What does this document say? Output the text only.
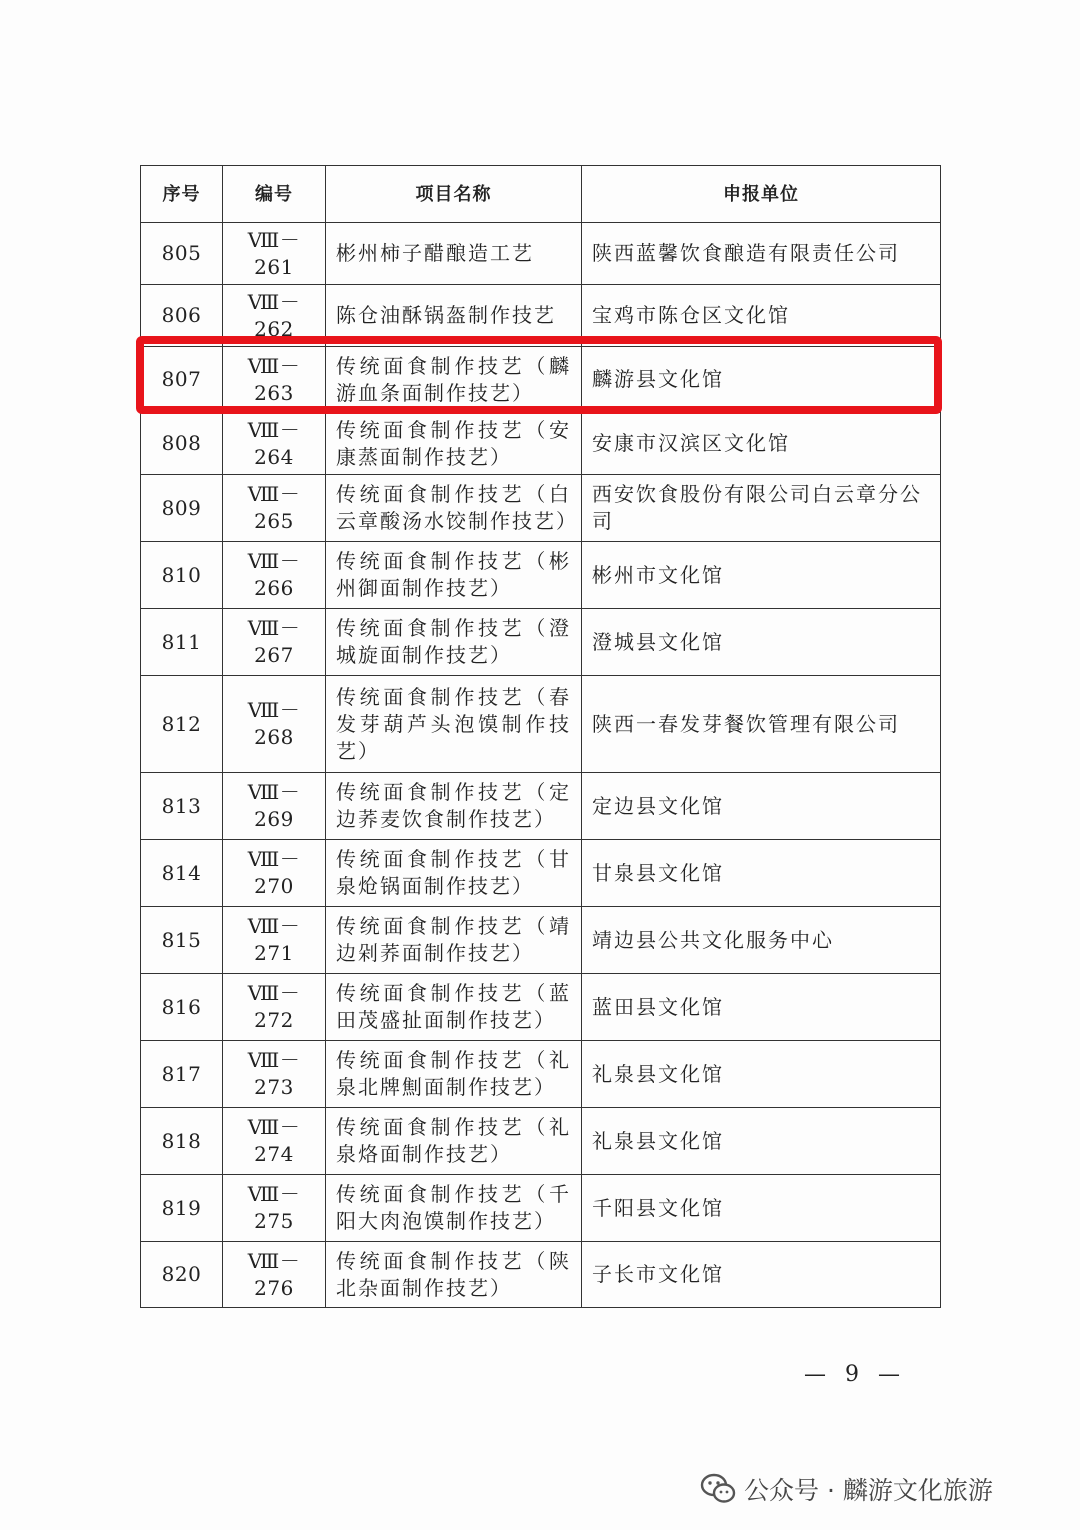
序号	编号	项目名称	申报单位
805	Ⅷ－261	彬州柿子醋酿造工艺	陕西蓝馨饮食酿造有限责任公司
806	Ⅷ－262	陈仓油酥锅盔制作技艺	宝鸡市陈仓区文化馆
807	Ⅷ－263	传统面食制作技艺（麟游血条面制作技艺）	麟游县文化馆
808	Ⅷ－264	传统面食制作技艺（安康蒸面制作技艺）	安康市汉滨区文化馆
809	Ⅷ－265	传统面食制作技艺（白云章酸汤水饺制作技艺）	西安饮食股份有限公司白云章分公司
810	Ⅷ－266	传统面食制作技艺（彬州御面制作技艺）	彬州市文化馆
811	Ⅷ－267	传统面食制作技艺（澄城旋面制作技艺）	澄城县文化馆
812	Ⅷ－268	传统面食制作技艺（春发芽葫芦头泡馍制作技艺）	陕西一春发芽餐饮管理有限公司
813	Ⅷ－269	传统面食制作技艺（定边荞麦饮食制作技艺）	定边县文化馆
814	Ⅷ－270	传统面食制作技艺（甘泉炝锅面制作技艺）	甘泉县文化馆
815	Ⅷ－271	传统面食制作技艺（靖边剁荞面制作技艺）	靖边县公共文化服务中心
816	Ⅷ－272	传统面食制作技艺（蓝田茂盛扯面制作技艺）	蓝田县文化馆
817	Ⅷ－273	传统面食制作技艺（礼泉北牌劁面制作技艺）	礼泉县文化馆
818	Ⅷ－274	传统面食制作技艺（礼泉烙面制作技艺）	礼泉县文化馆
819	Ⅷ－275	传统面食制作技艺（千阳大肉泡馍制作技艺）	千阳县文化馆
820	Ⅷ－276	传统面食制作技艺（陕北杂面制作技艺）	子长市文化馆
— 9 —
公众号 · 麟游文化旅游
